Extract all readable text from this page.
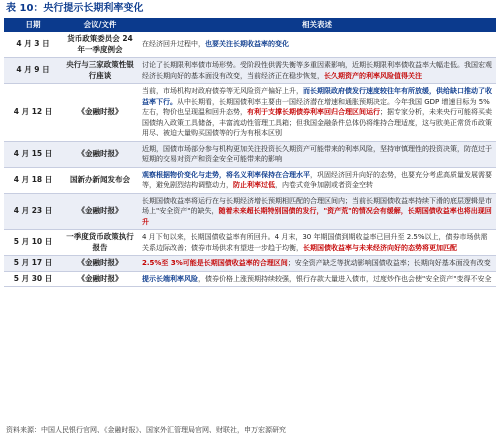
表 10：央行提示长期利率变化
日期	会议/文件	相关表述
4 月 3 日	货币政策委员会 24 年一季度例会	在经济回升过程中，也要关注长期收益率的变化
4 月 9 日	央行与三家政策性银行座谈	讨论了长期限利率债市场形势。受阶段性供需失衡等多重因素影响，近期长期限利率债收益率大幅走低。我国宏观经济长期向好的基本面没有改变，当前经济正在稳步恢复，长久期资产的利率风险值得关注
4 月 12 日	《金融时报》	当前，市场机构对政府债券等无风险资产偏好上升，而长期限政府债发行速度较往年有所放缓，供给缺口推动了收益率下行。从中长期看，长期国债利率主要由一国经济潜在增速和通胀预期决定。今年我国 GDP 增速目标为 5%左右，物价也呈现温和回升态势，有利于支撑长期债券利率回归合理区间运行；据专家分析，未来央行可能将买卖国债纳入政策工具储备，丰富流动性管理工具箱；但我国金融条件总体仍将维持合理适度，这与欧美正常货币政策用尽、被迫大量购买国债等的行为有根本区别
4 月 15 日	《金融时报》	近期，国债市场部分参与机构更加关注投资长久期资产可能带来的利率风险，坚持审慎理性的投资决策，防范过于短期的交易对资产和资金安全可能带来的影响
4 月 18 日	国新办新闻发布会	观察根据物价变化与走势，将名义利率保持在合理水平，巩固经济回升向好的态势，也要充分考虑高质量发展需要等，避免剧烈结构调整动力，防止利率过低，内卷式竞争加剧或者资金空转
4 月 23 日	《金融时报》	长期国债收益率将运行在与长期经济增长预期相匹配的合理区间内；当前长期国债收益率持续下滑的底层逻辑是市场上"安全资产"的缺失，随着未来超长期特别国债的发行，"资产荒"的情况会有缓解，长期国债收益率也将出现回升
5 月 10 日	一季度货币政策执行报告	4 月下旬以来，长期国债收益率有所回升。4 月末，30 年期国债到期收益率已回升至 2.5%以上，债券市场供需关系边际改善；债券市场供求有望进一步趋于均衡，长期国债收益率与未来经济向好的态势将更加匹配
5 月 17 日	《金融时报》	2.5%至 3%可能是长期国债收益率的合理区间；安全资产缺乏等扰动影响国债收益率；长期向好基本面没有改变
5 月 30 日	《金融时报》	提示长端利率风险，债券价格上涨预期持续较强，银行存款大量进入债市，过度炒作也会使"安全资产"变得不安全
资料来源：中国人民银行官网、《金融时报》、国家外汇管理局官网、财联社，申万宏源研究
